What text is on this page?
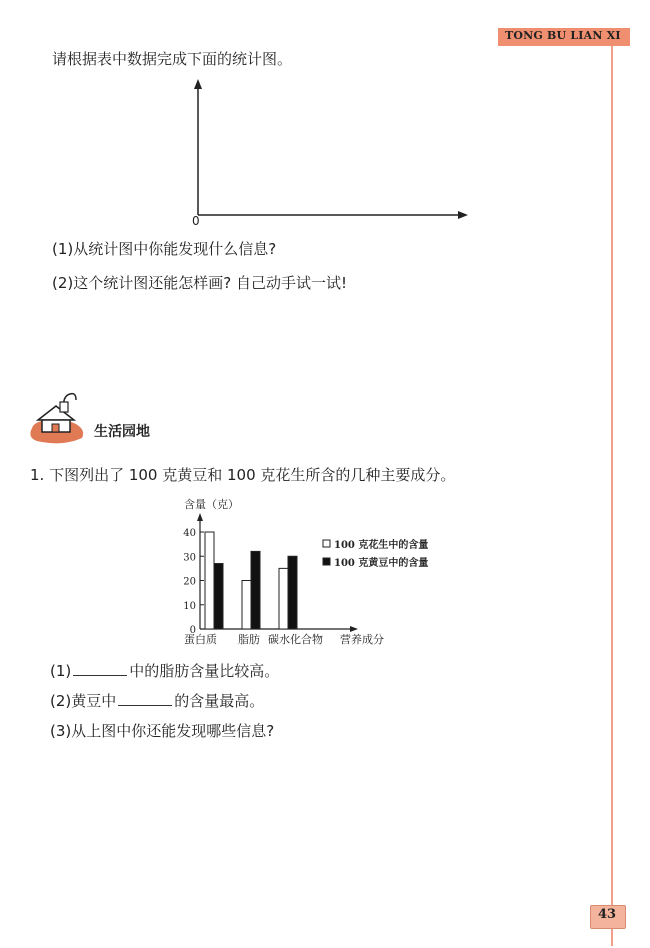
TONG BU LIAN XI
请根据表中数据完成下面的统计图。
0
(1)从统计图中你能发现什么信息?
(2)这个统计图还能怎样画? 自己动手试一试!
生活园地
1. 下图列出了 100 克黄豆和 100 克花生所含的几种主要成分。
含量（克）
0
10
20
30
40
蛋白质 脂肪 碳水化合物 营养成分
100 克花生中的含量
100 克黄豆中的含量
(1)	中的脂肪含量比较高。
(2)黄豆中	的含量最高。
(3)从上图中你还能发现哪些信息?
43
